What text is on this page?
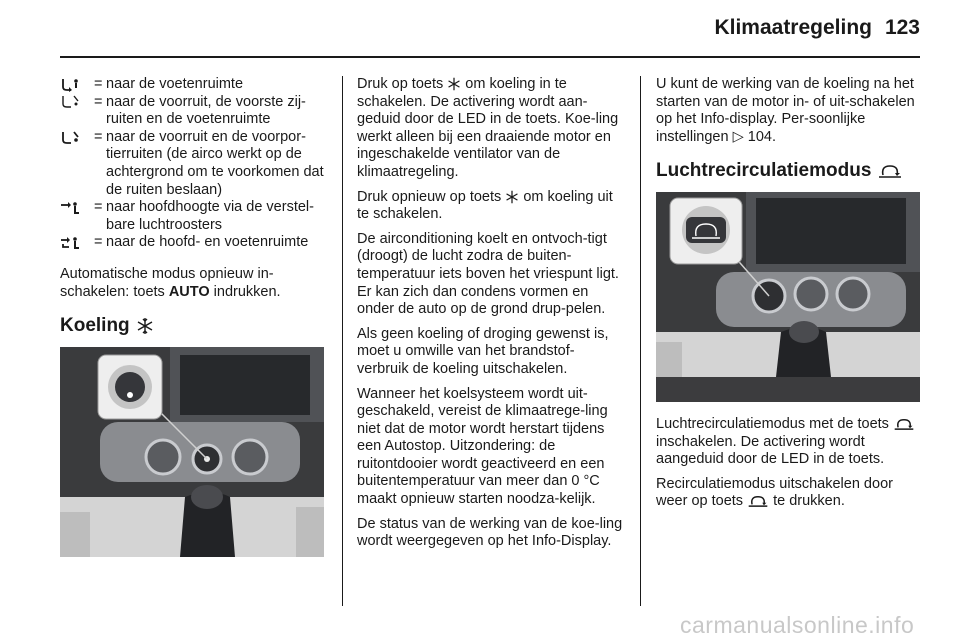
Klimaatregeling 123
= naar de voetenruimte
= naar de voorruit, de voorste zij-ruiten en de voetenruimte
= naar de voorruit en de voorpor-tierruiten (de airco werkt op de achtergrond om te voorkomen dat de ruiten beslaan)
= naar hoofdhoogte via de verstel-bare luchtroosters
= naar de hoofd- en voetenruimte

Automatische modus opnieuw in-schakelen: toets AUTO indrukken.

Koeling

Druk op toets  om koeling in te schakelen. De activering wordt aan-geduid door de LED in de toets. Koe-ling werkt alleen bij een draaiende motor en ingeschakelde ventilator van de klimaatregeling.

Druk opnieuw op toets  om koeling uit te schakelen.

De airconditioning koelt en ontvoch-tigt (droogt) de lucht zodra de buiten-temperatuur iets boven het vriespunt ligt. Er kan zich dan condens vormen en onder de auto op de grond drup-pelen.

Als geen koeling of droging gewenst is, moet u omwille van het brandstof-verbruik de koeling uitschakelen.

Wanneer het koelsysteem wordt uit-geschakeld, vereist de klimaatrege-ling niet dat de motor wordt herstart tijdens een Autostop. Uitzondering: de ruitontdooier wordt geactiveerd en een buitentemperatuur van meer dan 0 °C maakt opnieuw starten noodza-kelijk.

De status van de werking van de koe-ling wordt weergegeven op het Info-Display.

U kunt de werking van de koeling na het starten van de motor in- of uit-schakelen op het Info-display. Per-soonlijke instellingen ▷ 104.

Luchtrecirculatiemodus

Luchtrecirculatiemodus met de toets  inschakelen. De activering wordt aangeduid door de LED in de toets.

Recirculatiemodus uitschakelen door weer op toets  te drukken.

carmanualsonline.info
